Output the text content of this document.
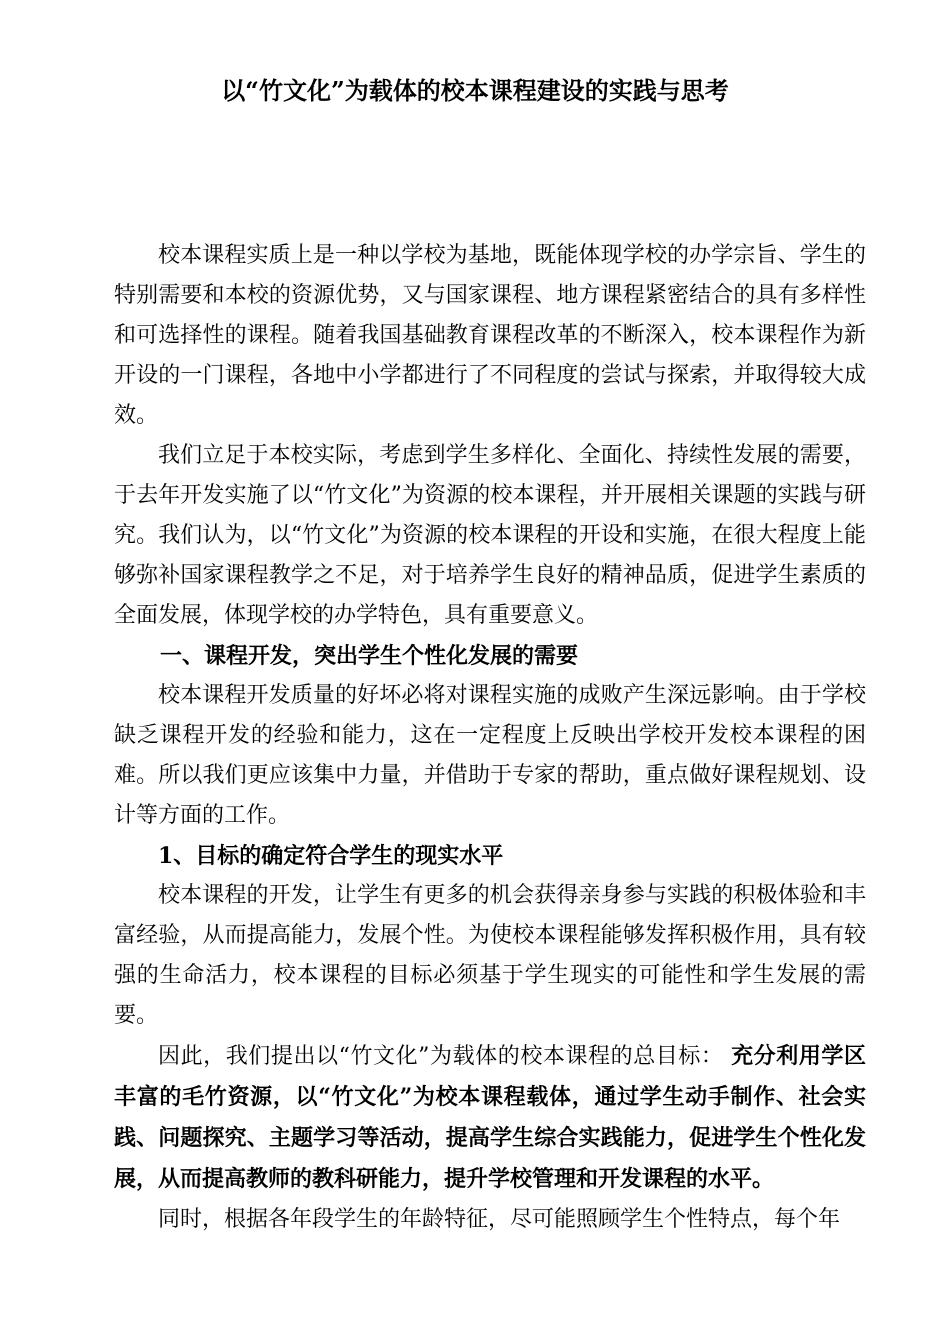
以“竹文化”为载体的校本课程建设的实践与思考

校本课程实质上是一种以学校为基地，既能体现学校的办学宗旨、学生的特别需要和本校的资源优势，又与国家课程、地方课程紧密结合的具有多样性和可选择性的课程。随着我国基础教育课程改革的不断深入，校本课程作为新开设的一门课程，各地中小学都进行了不同程度的尝试与探索，并取得较大成效。

我们立足于本校实际，考虑到学生多样化、全面化、持续性发展的需要，于去年开发实施了以“竹文化”为资源的校本课程，并开展相关课题的实践与研究。我们认为，以“竹文化”为资源的校本课程的开设和实施，在很大程度上能够弥补国家课程教学之不足，对于培养学生良好的精神品质，促进学生素质的全面发展，体现学校的办学特色，具有重要意义。

一、课程开发，突出学生个性化发展的需要

校本课程开发质量的好坏必将对课程实施的成败产生深远影响。由于学校缺乏课程开发的经验和能力，这在一定程度上反映出学校开发校本课程的困难。所以我们更应该集中力量，并借助于专家的帮助，重点做好课程规划、设计等方面的工作。

1、目标的确定符合学生的现实水平

校本课程的开发，让学生有更多的机会获得亲身参与实践的积极体验和丰富经验，从而提高能力，发展个性。为使校本课程能够发挥积极作用，具有较强的生命活力，校本课程的目标必须基于学生现实的可能性和学生发展的需要。

因此，我们提出以“竹文化”为载体的校本课程的总目标： 充分利用学区丰富的毛竹资源，以“竹文化”为校本课程载体，通过学生动手制作、社会实践、问题探究、主题学习等活动，提高学生综合实践能力，促进学生个性化发展，从而提高教师的教科研能力，提升学校管理和开发课程的水平。

同时，根据各年段学生的年龄特征，尽可能照顾学生个性特点，每个年
